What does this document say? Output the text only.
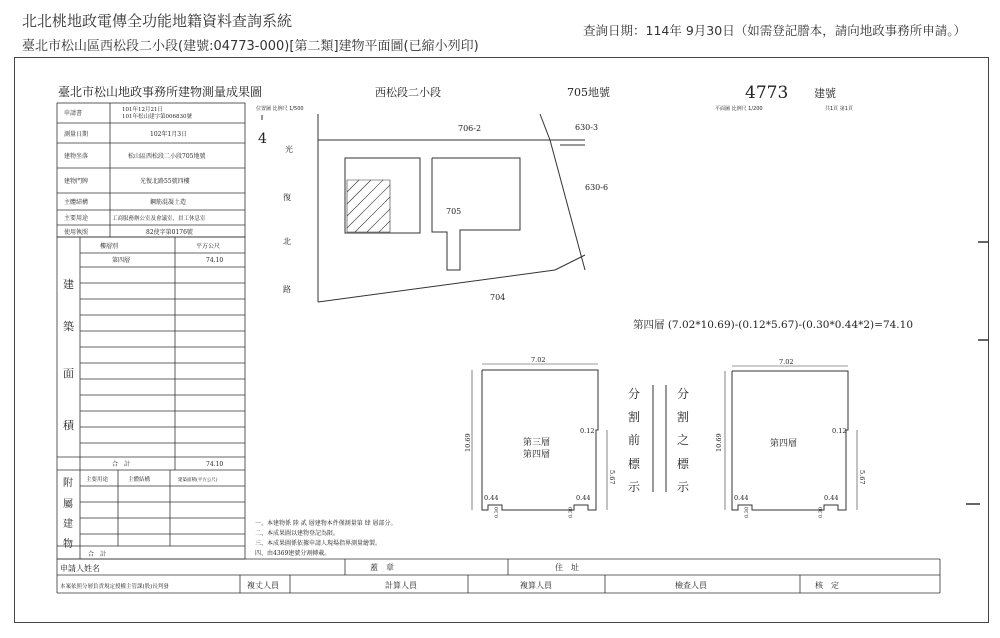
北北桃地政電傳全功能地籍資料查詢系統
臺北市松山區西松段二小段(建號:04773-000)[第二類]建物平面圖(已縮小列印)
查詢日期：114年 9月30日（如需登記謄本，請向地政事務所申請。）
臺北市松山地政事務所建物測量成果圖	西松段二小段	705地號	4773 建號
申請書	101年12月21日 101年松山建字第006830號
測量日期	102年1月3日
建物坐落	松山區西松段二小段705地號
建物門牌	光復北路55號四樓
主體結構	鋼筋混凝土造
主要用途	工商服務辦公室及會議室，員工休息室
使用執照	82使字第0176號
樓層別	平方公尺
第四層	74.10
合　計	74.10
主要用途	主體結構	建築面積(平方公尺)
合　計
建
築
面
積
附
屬
建
物
位置圖 比例尺 1/500	平面圖 比例尺 1/200	共1頁 第1頁
4
光
復
北
路
706-2	630-3
630-6
705
704
第四層 (7.02*10.69)-(0.12*5.67)-(0.30*0.44*2)=74.10
7.02
10.69
0.12
5.67
0.44	0.44
0.30	0.30
第三層
第四層
分
割
前
標
示
分
割
之
標
示
7.02
10.69
0.12
5.67
0.44	0.44
0.30	0.30
第四層
一、本建物係 陸 貳 層建物本件僅測量第 肆 層部分。
二、本成果圖以建物登記為限。
三、本成果圖係依據申請人現場指界測量繪製。
四、由4369建號分割轉載。
申請人姓名	蓋　章	住　址
本案依照分層負責規定授權主管課(股)長判發	複丈人員	計算人員	複算人員	檢查人員	核　定
